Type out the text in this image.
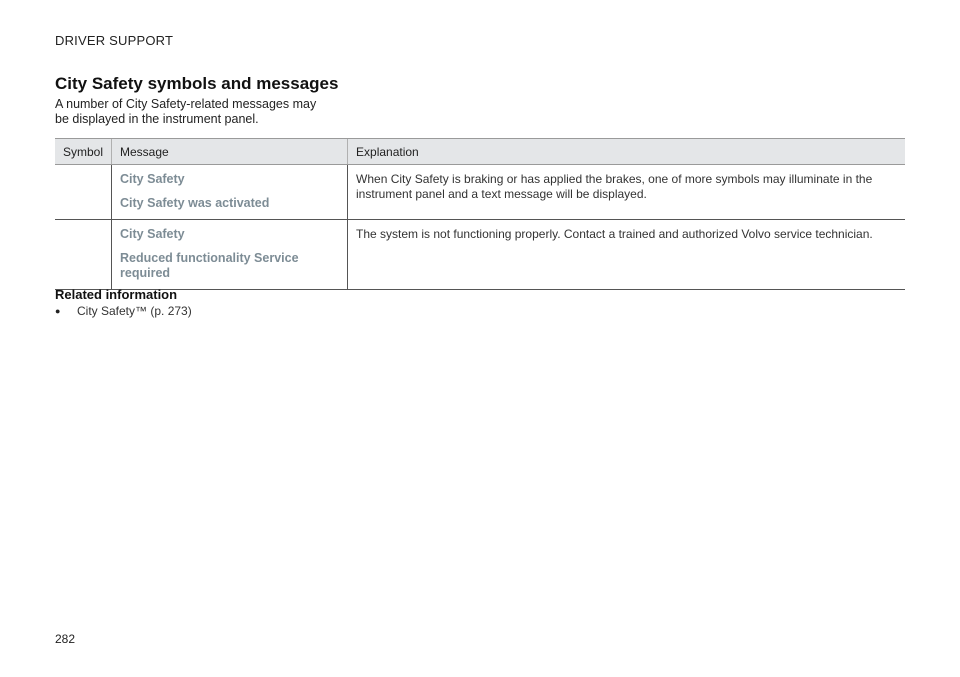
DRIVER SUPPORT
City Safety symbols and messages

A number of City Safety-related messages may be displayed in the instrument panel.

Symbol	Message	Explanation

	City Safety
City Safety was activated	When City Safety is braking or has applied the brakes, one of more symbols may illuminate in the instrument panel and a text message will be displayed.

	City Safety
Reduced functionality Service required	The system is not functioning properly. Contact a trained and authorized Volvo service technician.
Related information
●	City Safety™ (p. 273)
282
